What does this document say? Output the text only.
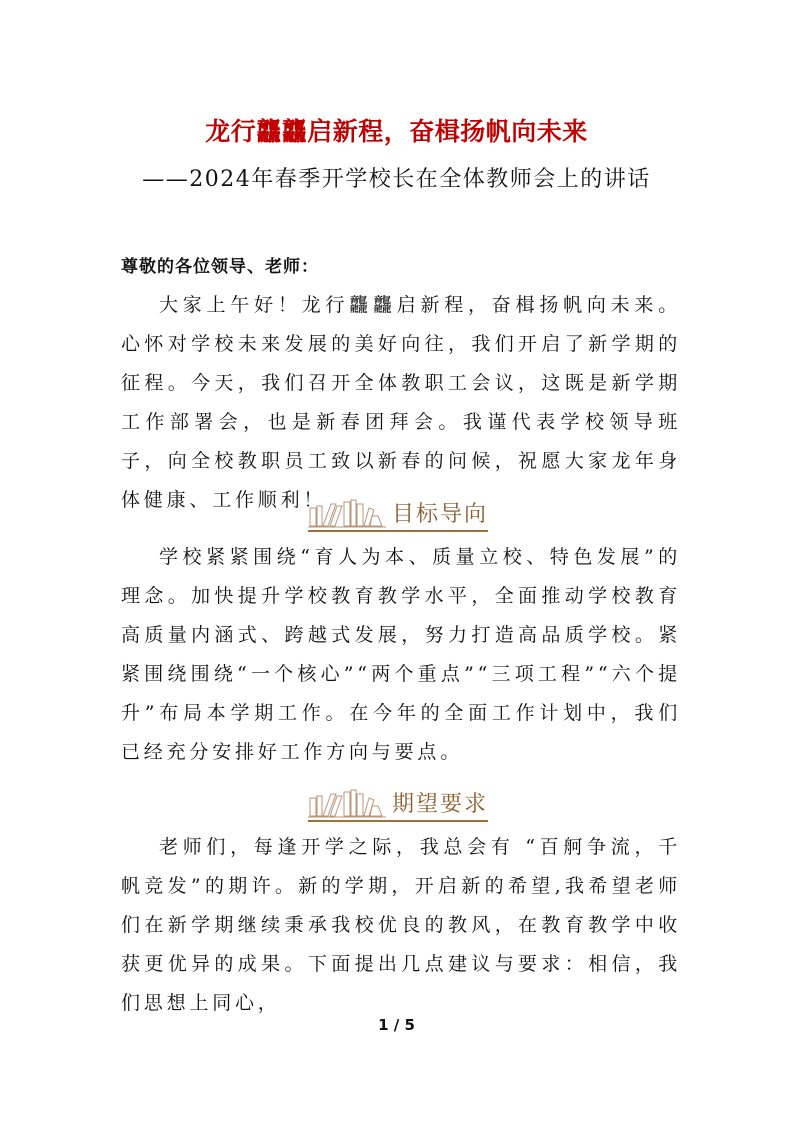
龙行龘龘启新程，奋楫扬帆向未来
——2024年春季开学校长在全体教师会上的讲话
尊敬的各位领导、老师：

大家上午好！龙行龘龘启新程，奋楫扬帆向未来。心怀对学校未来发展的美好向往，我们开启了新学期的征程。今天，我们召开全体教职工会议，这既是新学期工作部署会，也是新春团拜会。我谨代表学校领导班子，向全校教职员工致以新春的问候，祝愿大家龙年身体健康、工作顺利！

目标导向

学校紧紧围绕“育人为本、质量立校、特色发展”的理念。加快提升学校教育教学水平，全面推动学校教育高质量内涵式、跨越式发展，努力打造高品质学校。紧紧围绕围绕“一个核心”“两个重点”“三项工程”“六个提升”布局本学期工作。在今年的全面工作计划中，我们已经充分安排好工作方向与要点。

期望要求

老师们，每逢开学之际，我总会有 “百舸争流，千帆竞发”的期许。新的学期，开启新的希望,我希望老师们在新学期继续秉承我校优良的教风，在教育教学中收获更优异的成果。下面提出几点建议与要求：相信，我们思想上同心，

1 / 5
